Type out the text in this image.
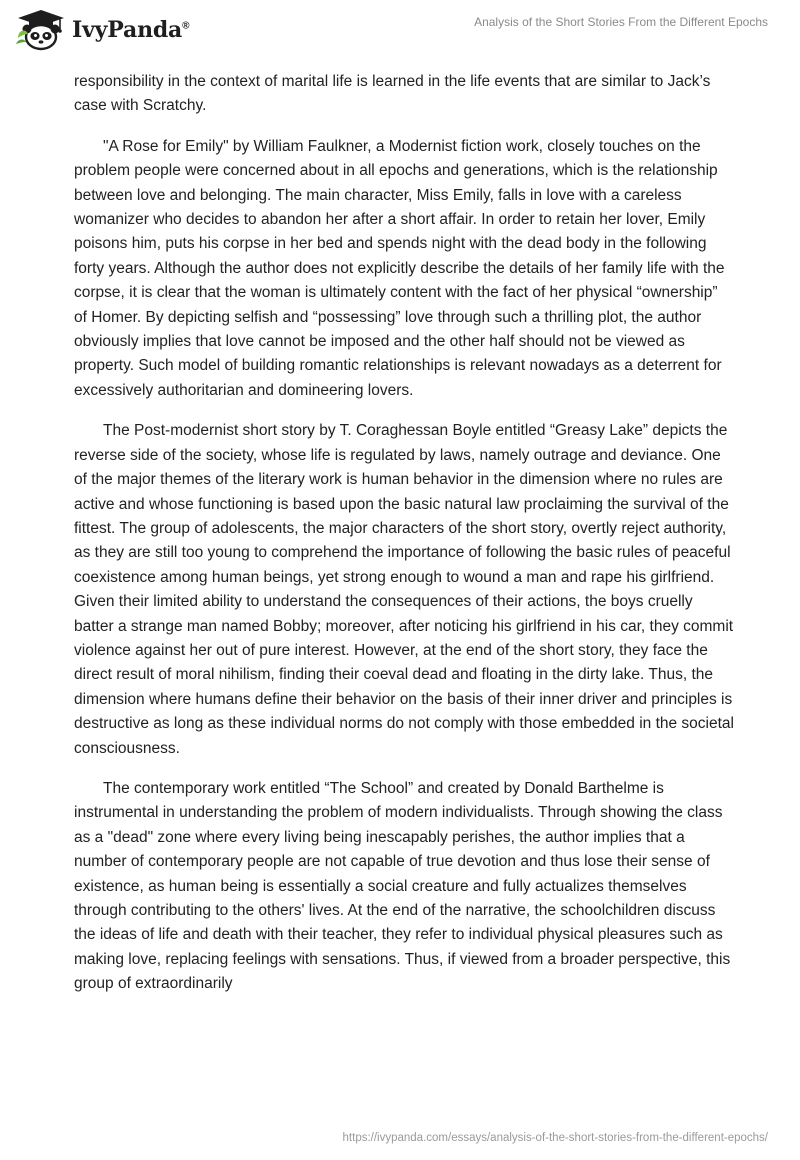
IvyPanda®	Analysis of the Short Stories From the Different Epochs

responsibility in the context of marital life is learned in the life events that are similar to Jack’s case with Scratchy.

"A Rose for Emily" by William Faulkner, a Modernist fiction work, closely touches on the problem people were concerned about in all epochs and generations, which is the relationship between love and belonging. The main character, Miss Emily, falls in love with a careless womanizer who decides to abandon her after a short affair. In order to retain her lover, Emily poisons him, puts his corpse in her bed and spends night with the dead body in the following forty years. Although the author does not explicitly describe the details of her family life with the corpse, it is clear that the woman is ultimately content with the fact of her physical “ownership” of Homer. By depicting selfish and “possessing” love through such a thrilling plot, the author obviously implies that love cannot be imposed and the other half should not be viewed as property. Such model of building romantic relationships is relevant nowadays as a deterrent for excessively authoritarian and domineering lovers.

The Post-modernist short story by T. Coraghessan Boyle entitled “Greasy Lake” depicts the reverse side of the society, whose life is regulated by laws, namely outrage and deviance. One of the major themes of the literary work is human behavior in the dimension where no rules are active and whose functioning is based upon the basic natural law proclaiming the survival of the fittest. The group of adolescents, the major characters of the short story, overtly reject authority, as they are still too young to comprehend the importance of following the basic rules of peaceful coexistence among human beings, yet strong enough to wound a man and rape his girlfriend. Given their limited ability to understand the consequences of their actions, the boys cruelly batter a strange man named Bobby; moreover, after noticing his girlfriend in his car, they commit violence against her out of pure interest. However, at the end of the short story, they face the direct result of moral nihilism, finding their coeval dead and floating in the dirty lake. Thus, the dimension where humans define their behavior on the basis of their inner driver and principles is destructive as long as these individual norms do not comply with those embedded in the societal consciousness.

The contemporary work entitled “The School” and created by Donald Barthelme is instrumental in understanding the problem of modern individualists. Through showing the class as a "dead" zone where every living being inescapably perishes, the author implies that a number of contemporary people are not capable of true devotion and thus lose their sense of existence, as human being is essentially a social creature and fully actualizes themselves through contributing to the others' lives. At the end of the narrative, the schoolchildren discuss the ideas of life and death with their teacher, they refer to individual physical pleasures such as making love, replacing feelings with sensations. Thus, if viewed from a broader perspective, this group of extraordinarily

https://ivypanda.com/essays/analysis-of-the-short-stories-from-the-different-epochs/
